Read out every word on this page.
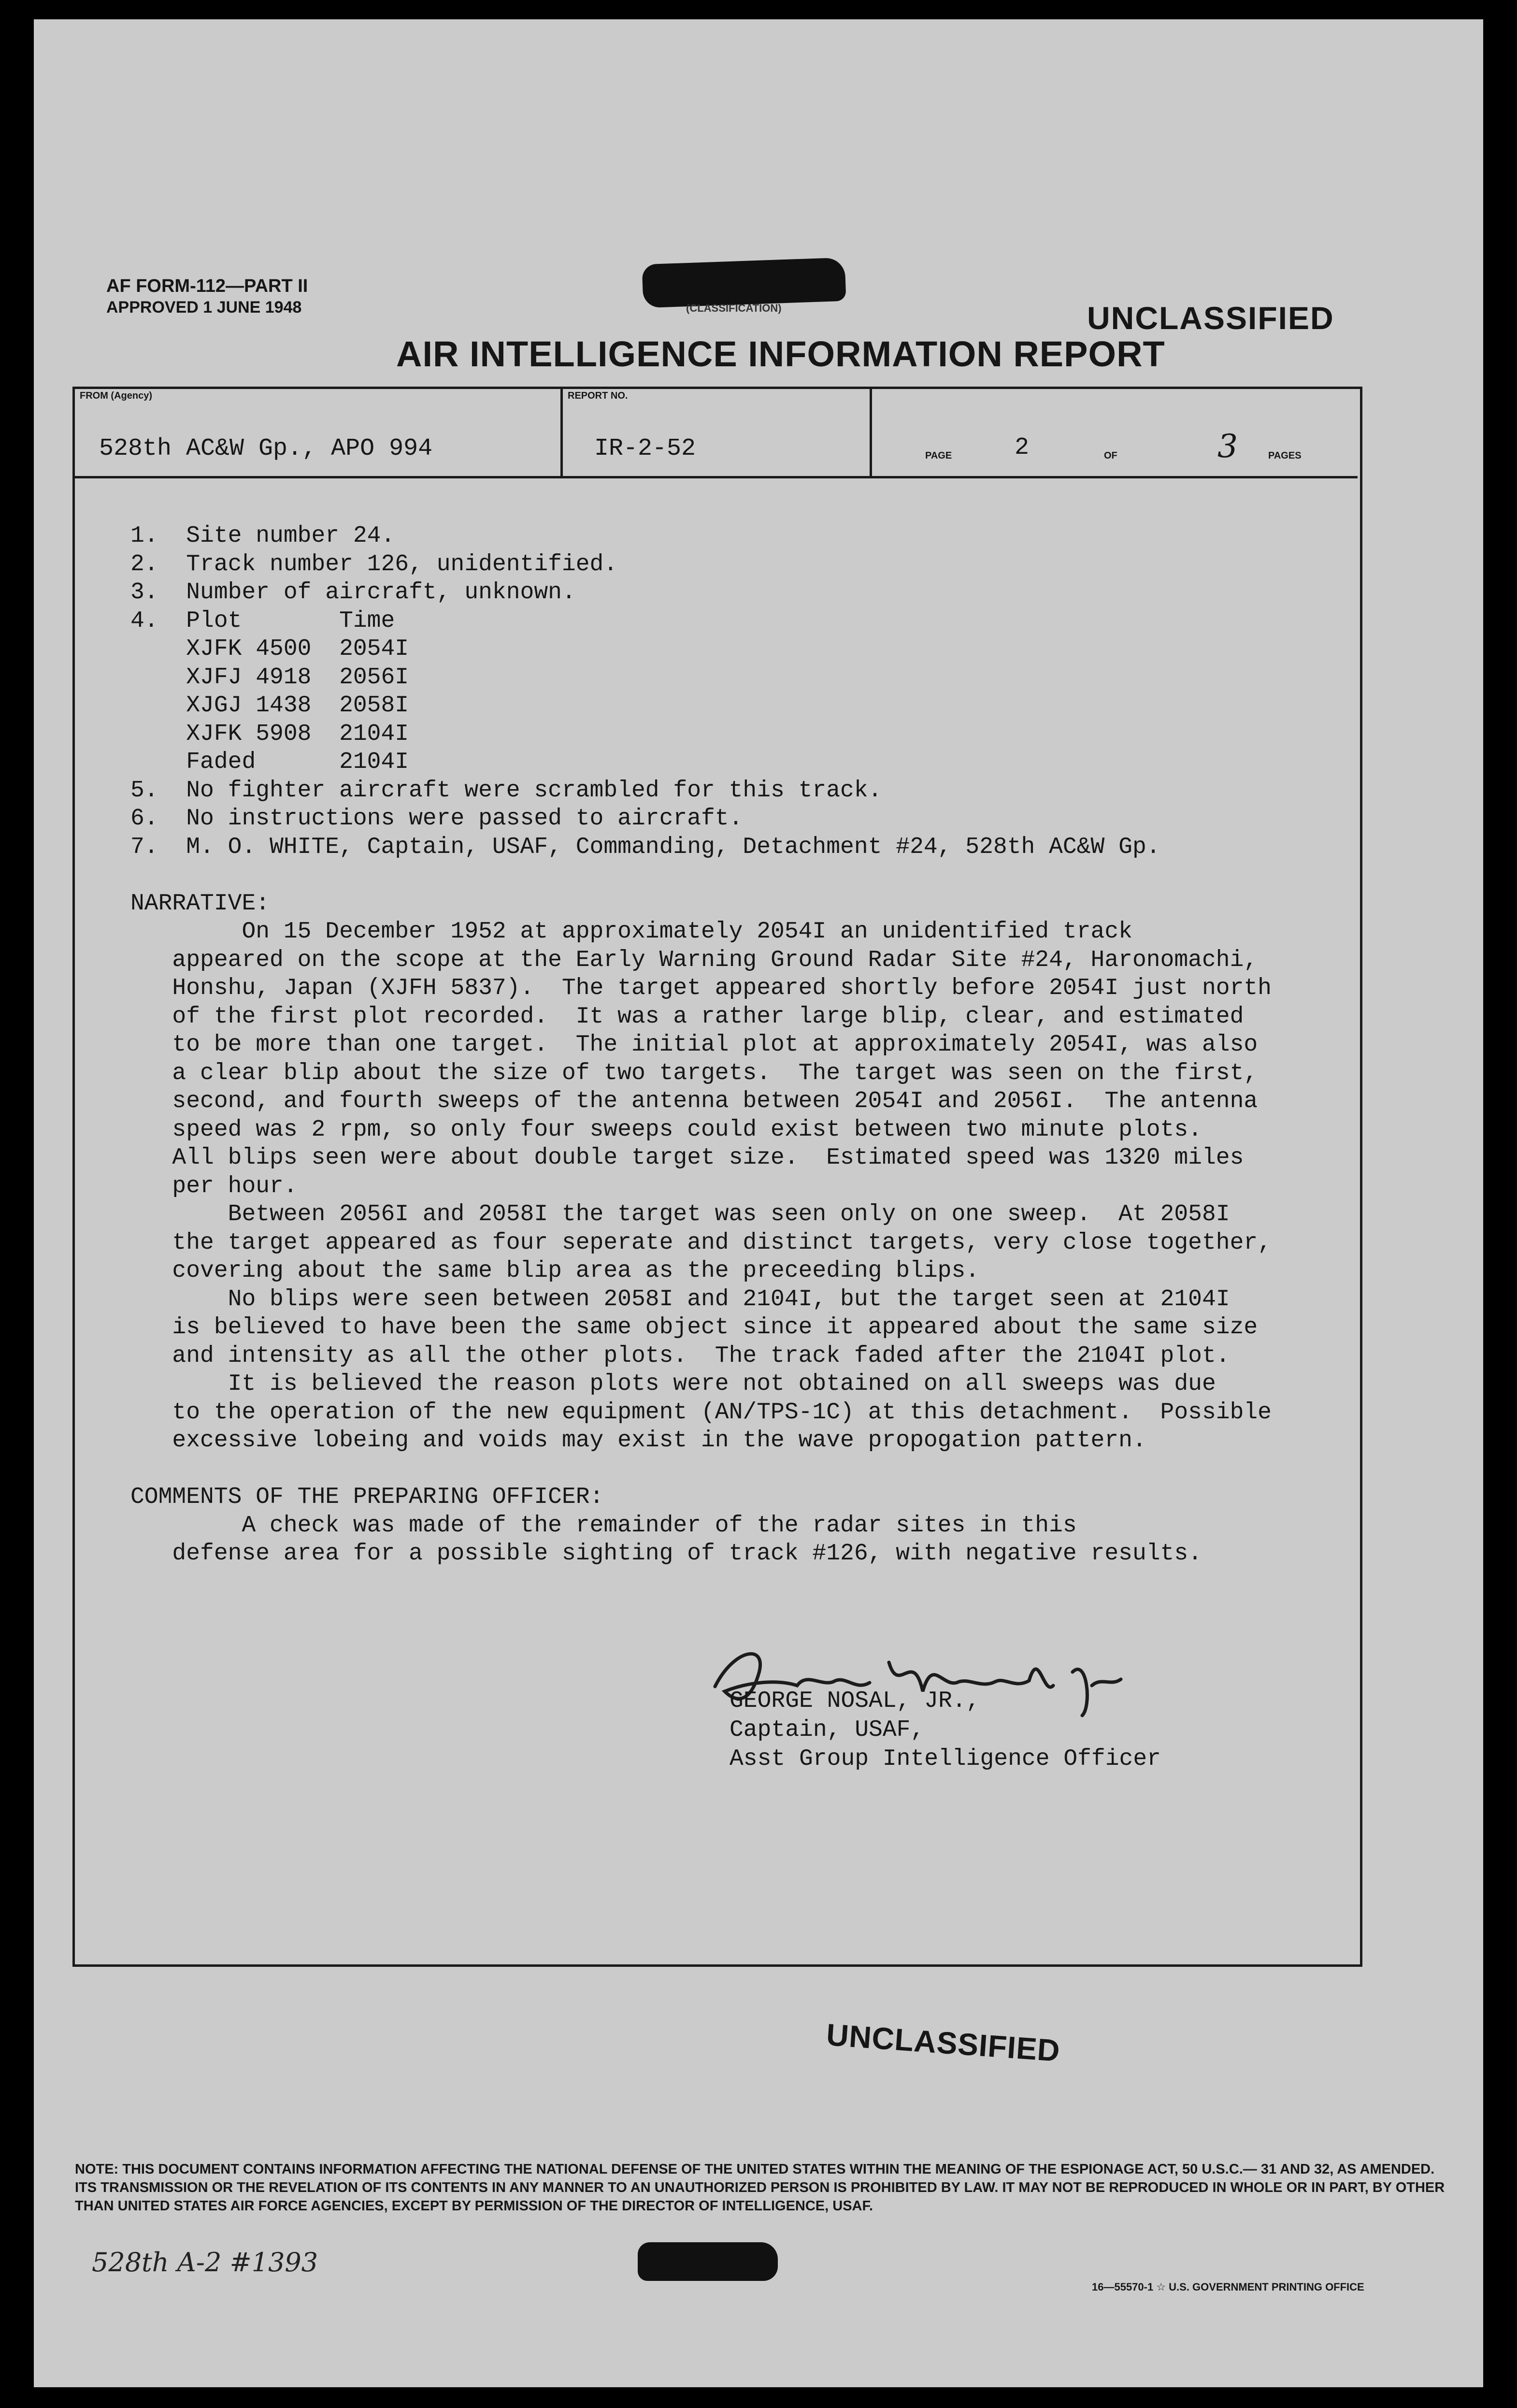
AF FORM-112—PART II
APPROVED 1 JUNE 1948	(CLASSIFICATION)	UNCLASSIFIED
AIR INTELLIGENCE INFORMATION REPORT
FROM (Agency)
528th AC&W Gp., APO 994
REPORT NO.
IR-2-52	PAGE	2	OF	3	PAGES
1.  Site number 24.
2.  Track number 126, unidentified.
3.  Number of aircraft, unknown.
4.  Plot       Time
XJFK 4500  2054I
XJFJ 4918  2056I
XJGJ 1438  2058I
XJFK 5908  2104I
Faded      2104I
5.  No fighter aircraft were scrambled for this track.
6.  No instructions were passed to aircraft.
7.  M. O. WHITE, Captain, USAF, Commanding, Detachment #24, 528th AC&W Gp.

NARRATIVE:
On 15 December 1952 at approximately 2054I an unidentified track
appeared on the scope at the Early Warning Ground Radar Site #24, Haronomachi,
Honshu, Japan (XJFH 5837).  The target appeared shortly before 2054I just north
of the first plot recorded.  It was a rather large blip, clear, and estimated
to be more than one target.  The initial plot at approximately 2054I, was also
a clear blip about the size of two targets.  The target was seen on the first,
second, and fourth sweeps of the antenna between 2054I and 2056I.  The antenna
speed was 2 rpm, so only four sweeps could exist between two minute plots.
All blips seen were about double target size.  Estimated speed was 1320 miles
per hour.
Between 2056I and 2058I the target was seen only on one sweep.  At 2058I
the target appeared as four seperate and distinct targets, very close together,
covering about the same blip area as the preceeding blips.
No blips were seen between 2058I and 2104I, but the target seen at 2104I
is believed to have been the same object since it appeared about the same size
and intensity as all the other plots.  The track faded after the 2104I plot.
It is believed the reason plots were not obtained on all sweeps was due
to the operation of the new equipment (AN/TPS-1C) at this detachment.  Possible
excessive lobeing and voids may exist in the wave propogation pattern.

COMMENTS OF THE PREPARING OFFICER:
A check was made of the remainder of the radar sites in this
defense area for a possible sighting of track #126, with negative results.
GEORGE NOSAL, JR.,
Captain, USAF,
Asst Group Intelligence Officer
UNCLASSIFIED
NOTE: THIS DOCUMENT CONTAINS INFORMATION AFFECTING THE NATIONAL DEFENSE OF THE UNITED STATES WITHIN THE MEANING OF THE ESPIONAGE ACT, 50 U.S.C.— 31 AND 32, AS AMENDED. ITS TRANSMISSION OR THE REVELATION OF ITS CONTENTS IN ANY MANNER TO AN UNAUTHORIZED PERSON IS PROHIBITED BY LAW. IT MAY NOT BE REPRODUCED IN WHOLE OR IN PART, BY OTHER THAN UNITED STATES AIR FORCE AGENCIES, EXCEPT BY PERMISSION OF THE DIRECTOR OF INTELLIGENCE, USAF.
528th A-2 #1393
16—55570-1 ☆ U.S. GOVERNMENT PRINTING OFFICE
